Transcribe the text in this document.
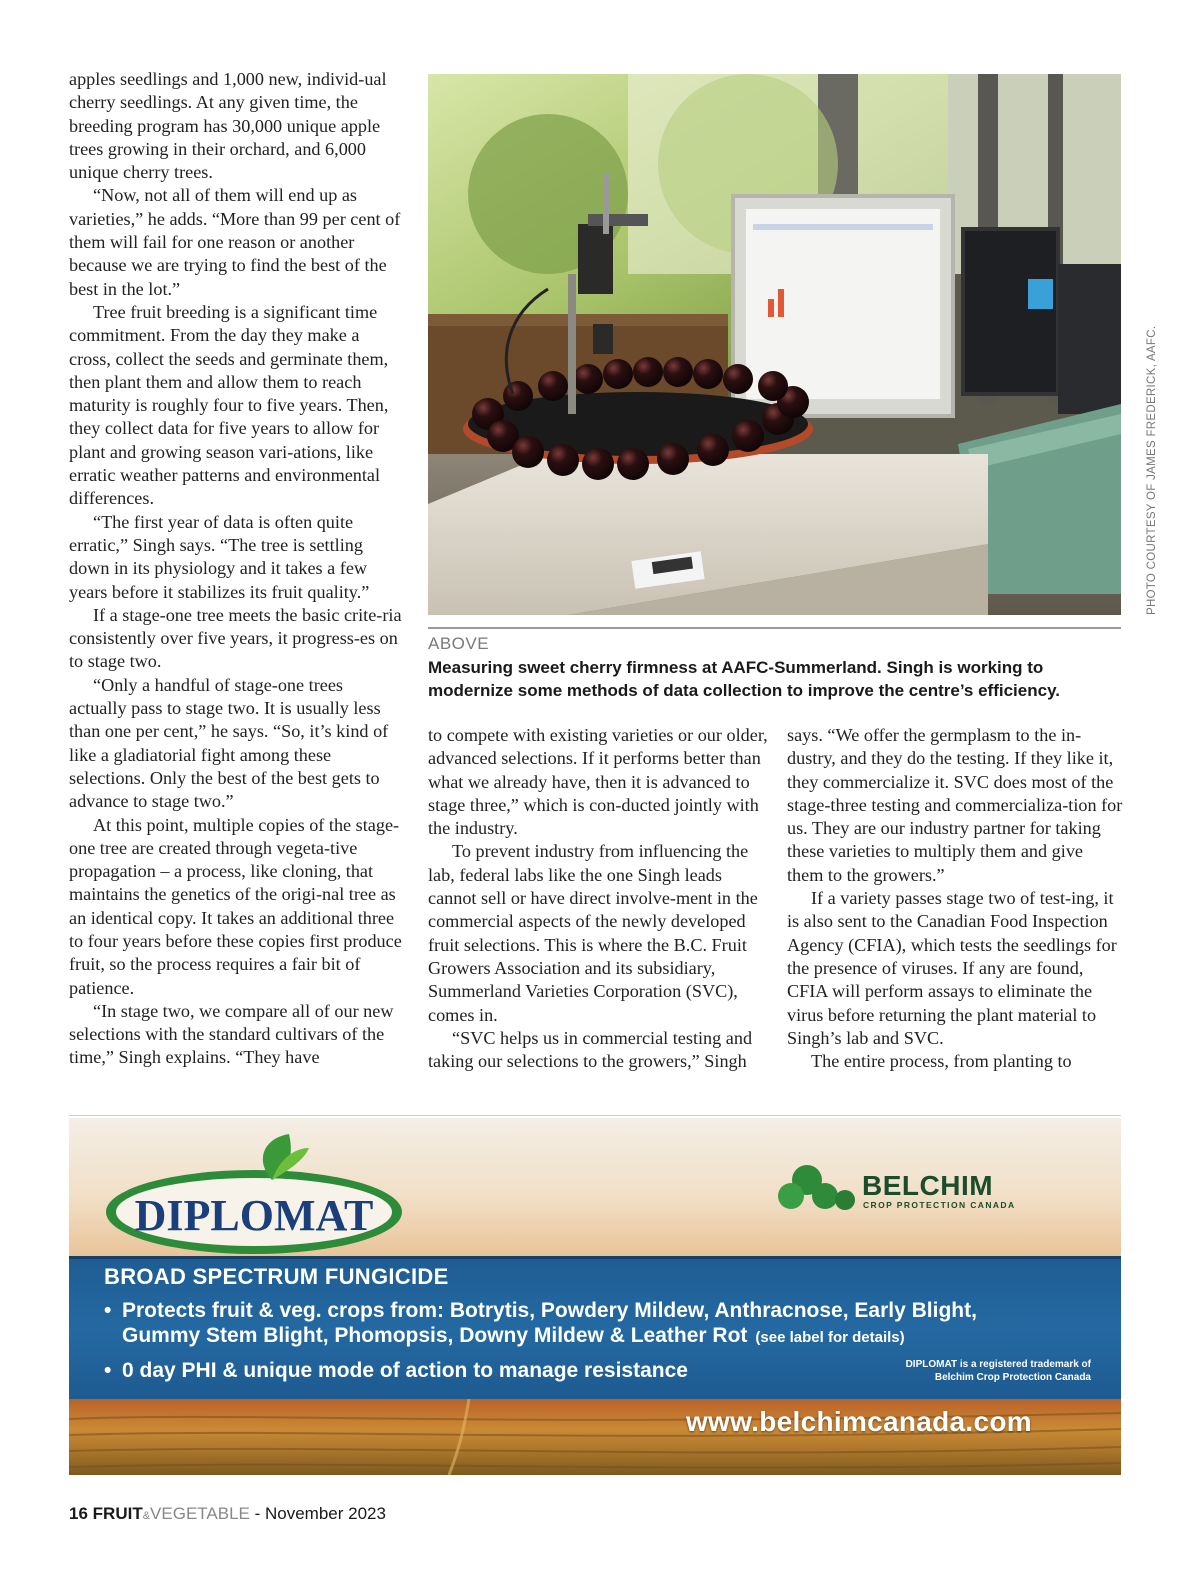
apples seedlings and 1,000 new, individ-ual cherry seedlings. At any given time, the breeding program has 30,000 unique apple trees growing in their orchard, and 6,000 unique cherry trees.

“Now, not all of them will end up as varieties,” he adds. “More than 99 per cent of them will fail for one reason or another because we are trying to find the best of the best in the lot.”

Tree fruit breeding is a significant time commitment. From the day they make a cross, collect the seeds and germinate them, then plant them and allow them to reach maturity is roughly four to five years. Then, they collect data for five years to allow for plant and growing season vari-ations, like erratic weather patterns and environmental differences.

“The first year of data is often quite erratic,” Singh says. “The tree is settling down in its physiology and it takes a few years before it stabilizes its fruit quality.”

If a stage-one tree meets the basic crite-ria consistently over five years, it progress-es on to stage two.

“Only a handful of stage-one trees actually pass to stage two. It is usually less than one per cent,” he says. “So, it’s kind of like a gladiatorial fight among these selections. Only the best of the best gets to advance to stage two.”

At this point, multiple copies of the stage-one tree are created through vegeta-tive propagation – a process, like cloning, that maintains the genetics of the origi-nal tree as an identical copy. It takes an additional three to four years before these copies first produce fruit, so the process requires a fair bit of patience.

“In stage two, we compare all of our new selections with the standard cultivars of the time,” Singh explains. “They have

PHOTO COURTESY OF JAMES FREDERICK, AAFC.
ABOVE
Measuring sweet cherry firmness at AAFC-Summerland. Singh is working to modernize some methods of data collection to improve the centre’s efficiency.

to compete with existing varieties or our older, advanced selections. If it performs better than what we already have, then it is advanced to stage three,” which is con-ducted jointly with the industry.

To prevent industry from influencing the lab, federal labs like the one Singh leads cannot sell or have direct involve-ment in the commercial aspects of the newly developed fruit selections. This is where the B.C. Fruit Growers Association and its subsidiary, Summerland Varieties Corporation (SVC), comes in.

“SVC helps us in commercial testing and taking our selections to the growers,” Singh

says. “We offer the germplasm to the in-dustry, and they do the testing. If they like it, they commercialize it. SVC does most of the stage-three testing and commercializa-tion for us. They are our industry partner for taking these varieties to multiply them and give them to the growers.”

If a variety passes stage two of test-ing, it is also sent to the Canadian Food Inspection Agency (CFIA), which tests the seedlings for the presence of viruses. If any are found, CFIA will perform assays to eliminate the virus before returning the plant material to Singh’s lab and SVC.

The entire process, from planting to

DIPLOMAT
BELCHIM
CROP PROTECTION CANADA
BROAD SPECTRUM FUNGICIDE
• Protects fruit & veg. crops from: Botrytis, Powdery Mildew, Anthracnose, Early Blight,
Gummy Stem Blight, Phomopsis, Downy Mildew & Leather Rot (see label for details)
• 0 day PHI & unique mode of action to manage resistance	DIPLOMAT is a registered trademark of
Belchim Crop Protection Canada
www.belchimcanada.com
16 FRUIT&VEGETABLE - November 2023
